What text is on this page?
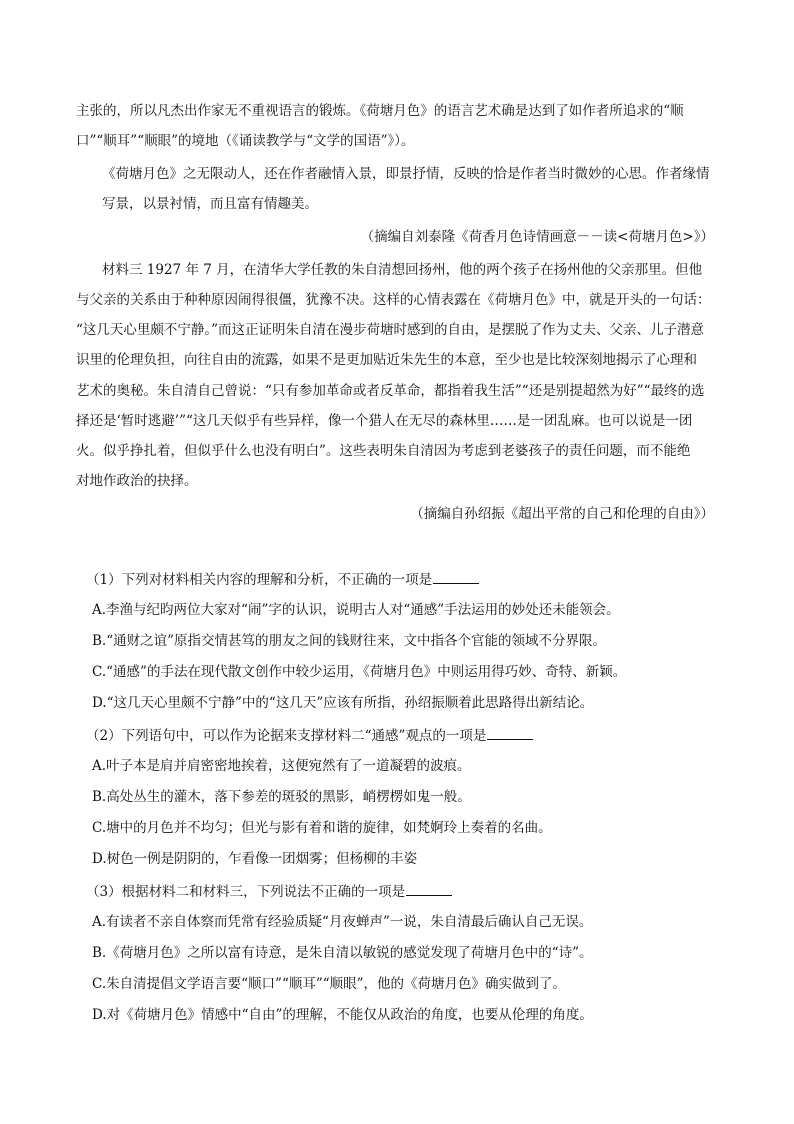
主张的，所以凡杰出作家无不重视语言的锻炼。《荷塘月色》的语言艺术确是达到了如作者所追求的“顺
口”“顺耳”“顺眼”的境地（《诵读教学与“文学的国语”》）。
《荷塘月色》之无限动人，还在作者融情入景，即景抒情，反映的恰是作者当时微妙的心思。作者缘情
写景，以景衬情，而且富有情趣美。
（摘编自刘泰隆《荷香月色诗情画意－－读<荷塘月色>》）
材料三 1927 年 7 月，在清华大学任教的朱自清想回扬州，他的两个孩子在扬州他的父亲那里。但他
与父亲的关系由于种种原因闹得很僵，犹豫不决。这样的心情表露在《荷塘月色》中，就是开头的一句话：
“这几天心里颇不宁静。”而这正证明朱自清在漫步荷塘时感到的自由，是摆脱了作为丈夫、父亲、儿子潜意
识里的伦理负担，向往自由的流露，如果不是更加贴近朱先生的本意，至少也是比较深刻地揭示了心理和
艺术的奥秘。朱自清自己曾说：“只有参加革命或者反革命，都指着我生活”“还是别提超然为好”“最终的选
择还是‘暂时逃避’”“这几天似乎有些异样，像一个猎人在无尽的森林里……是一团乱麻。也可以说是一团
火。似乎挣扎着，但似乎什么也没有明白”。这些表明朱自清因为考虑到老婆孩子的责任问题，而不能绝
对地作政治的抉择。
（摘编自孙绍振《超出平常的自己和伦理的自由》）
（1）下列对材料相关内容的理解和分析，不正确的一项是
A.李渔与纪昀两位大家对“闹”字的认识，说明古人对“通感”手法运用的妙处还未能领会。
B.“通财之谊”原指交情甚笃的朋友之间的钱财往来，文中指各个官能的领域不分界限。
C.“通感”的手法在现代散文创作中较少运用，《荷塘月色》中则运用得巧妙、奇特、新颖。
D.“这几天心里颇不宁静”中的“这几天”应该有所指，孙绍振顺着此思路得出新结论。
（2）下列语句中，可以作为论据来支撑材料二“通感”观点的一项是
A.叶子本是肩并肩密密地挨着，这便宛然有了一道凝碧的波痕。
B.高处丛生的灌木，落下参差的斑驳的黑影，峭楞楞如鬼一般。
C.塘中的月色并不均匀；但光与影有着和谐的旋律，如梵婀玲上奏着的名曲。
D.树色一例是阴阴的，乍看像一团烟雾；但杨柳的丰姿
（3）根据材料二和材料三，下列说法不正确的一项是
A.有读者不亲自体察而凭常有经验质疑“月夜蝉声”一说，朱自清最后确认自己无误。
B.《荷塘月色》之所以富有诗意，是朱自清以敏锐的感觉发现了荷塘月色中的“诗”。
C.朱自清提倡文学语言要“顺口”“顺耳”“顺眼”，他的《荷塘月色》确实做到了。
D.对《荷塘月色》情感中“自由”的理解，不能仅从政治的角度，也要从伦理的角度。
